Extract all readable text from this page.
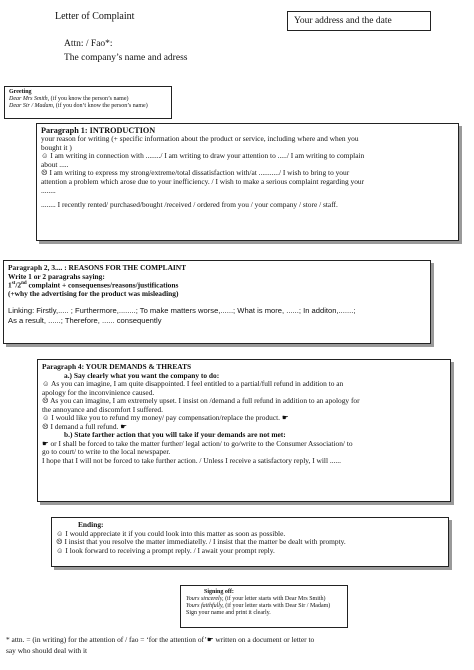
Letter of Complaint	Your address and the date
Attn: / Fao*:
The company’s name and adress

Greeting

Dear Mrs Smith, (if you know the person’s name)

Dear Sir / Madam, (if you don’t know the person’s name)

Paragraph 1: INTRODUCTION

your reason for writing (+ specific information about the product or service, including where and when you

bought it )

☺ I am writing in connection with ......../ I am writing to draw your attention to ...../ I am writing to complain

about .....

☹ I am writing to express my strong/extreme/total dissatisfaction with/at .........../ I wish to bring to your

attention a problem which arose due to your inefficiency. / I wish to make a serious complaint regarding your

........

........ I recently rented/ purchased/bought /received / ordered from you / your company / store / staff.

Paragraph 2, 3.... : REASONS FOR THE COMPLAINT

Write 1 or 2 paragrahs saying:

1st/2nd complaint + consequenses/reasons/justifications

(+why the advertising for the product was misleading)

Linking: Firstly,..... ; Furthermore,........; To make matters worse,......; What is more, ......; In additon,.......;

As a result, ......; Therefore, ...... consequently

Paragraph 4: YOUR DEMANDS & THREATS

a.) Say clearly what you want the company to do:

☺ As you can imagine, I am quite disappointed. I feel entitled to a partial/full refund in addition to an

apology for the inconvinience caused.

☹ As you can imagine, I am extremely upset. I insist on /demand a full refund in addition to an apology for

the annoyance and discomfort I suffered.

☺ I would like you to refund my money/ pay compensation/replace the product. ☛

☹ I demand a full refund. ☛

b.) State farther action that you will take if your demands are not met:

☛ or I shall be forced to take the matter further/ legal action/ to go/write to the Consumer Association/ to

go to court/ to write to the local newspaper.

I hope that I will not be forced to take further action. / Unless I receive a satisfactory reply, I will ......

Ending:

☺ I would appreciate it if you could look into this matter as soon as possible.

☹ I insist that you resolve the matter immediatelly. / I insist that the matter be dealt with prompty.

☺ I look forward to receiving a prompt reply. / I await your prompt reply.

Signing off:

Yours sincerely, (if your letter starts with Dear Mrs Smith)

Yours faithfully, (if your letter starts with Dear Sir / Madam)

Sign your name and print it clearly.

* attn. = (in writing) for the attention of / fao = ‘for the attention of’☛ written on a document or letter to
say who should deal with it
